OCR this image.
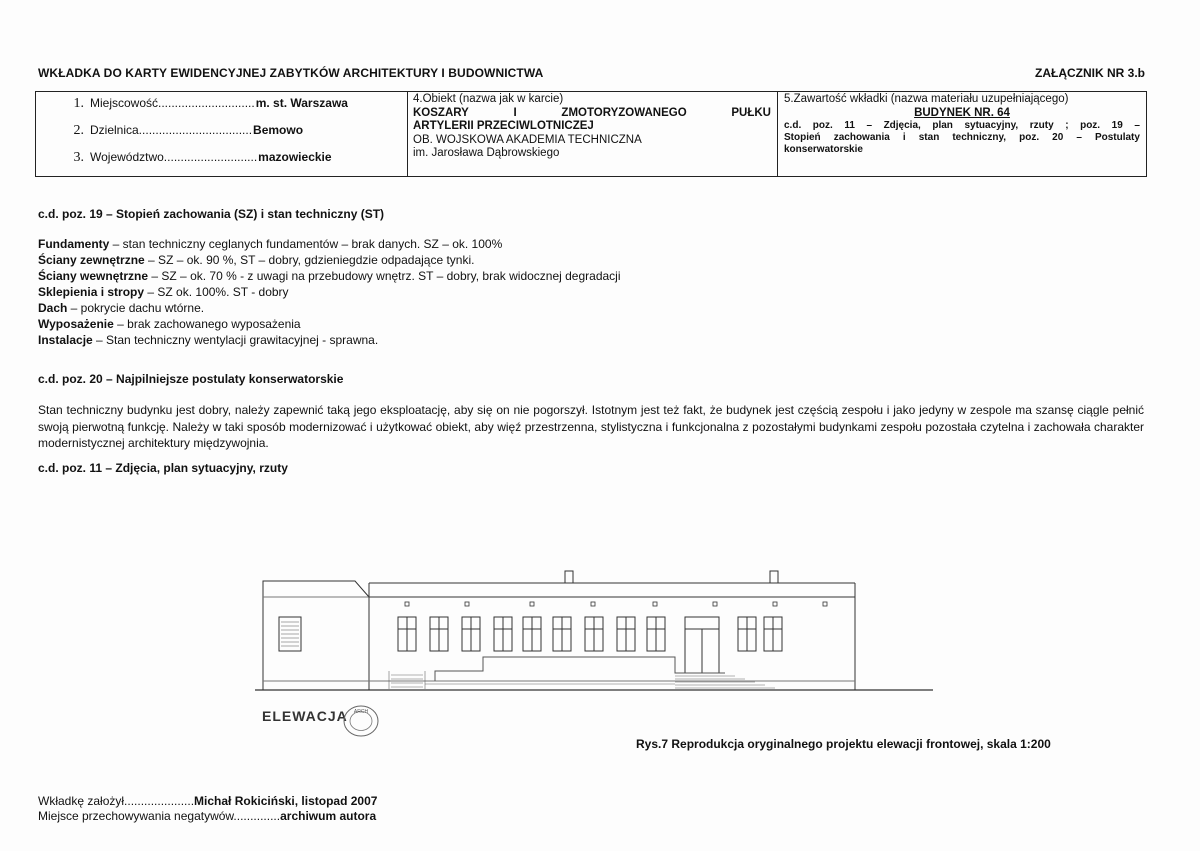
WKŁADKA DO KARTY EWIDENCYJNEJ ZABYTKÓW ARCHITEKTURY I BUDOWNICTWA	ZAŁĄCZNIK NR 3.b
1. Miejscowość............................. m. st. Warszawa
2. Dzielnica.................................. Bemowo
3. Województwo............................ mazowieckie
4.Obiekt (nazwa jak w karcie)
KOSZARY	I	ZMOTORYZOWANEGO	PUŁKU
ARTYLERII PRZECIWLOTNICZEJ
OB. WOJSKOWA AKADEMIA TECHNICZNA
im. Jarosława Dąbrowskiego
5.Zawartość wkładki (nazwa materiału uzupełniającego)
BUDYNEK NR. 64
c.d. poz. 11 – Zdjęcia, plan sytuacyjny, rzuty ; poz. 19 –
Stopień zachowania i stan techniczny, poz. 20 – Postulaty
konserwatorskie
c.d. poz. 19 – Stopień zachowania (SZ) i stan techniczny (ST)
Fundamenty – stan techniczny ceglanych fundamentów – brak danych. SZ – ok. 100%
Ściany zewnętrzne – SZ – ok. 90 %, ST – dobry, gdzieniegdzie odpadające tynki.
Ściany wewnętrzne – SZ – ok. 70 % - z uwagi na przebudowy wnętrz. ST – dobry, brak widocznej degradacji
Sklepienia i stropy – SZ ok. 100%. ST - dobry
Dach – pokrycie dachu wtórne.
Wyposażenie – brak zachowanego wyposażenia
Instalacje – Stan techniczny wentylacji grawitacyjnej - sprawna.
c.d. poz. 20 – Najpilniejsze postulaty konserwatorskie
Stan techniczny budynku jest dobry, należy zapewnić taką jego eksploatację, aby się on nie pogorszył. Istotnym jest też fakt, że budynek jest częścią zespołu i jako jedyny w zespole ma szansę ciągle pełnić swoją pierwotną funkcję. Należy w taki sposób modernizować i użytkować obiekt, aby więź przestrzenna, stylistyczna i funkcjonalna z pozostałymi budynkami zespołu pozostała czytelna i zachowała charakter modernistycznej architektury międzywojnia.
c.d. poz. 11 – Zdjęcia, plan sytuacyjny, rzuty
ELEWACJA ARCH
Rys.7 Reprodukcja oryginalnego projektu elewacji frontowej, skala 1:200
Wkładkę założył.....................Michał Rokiciński, listopad 2007
Miejsce przechowywania negatywów..............archiwum autora
